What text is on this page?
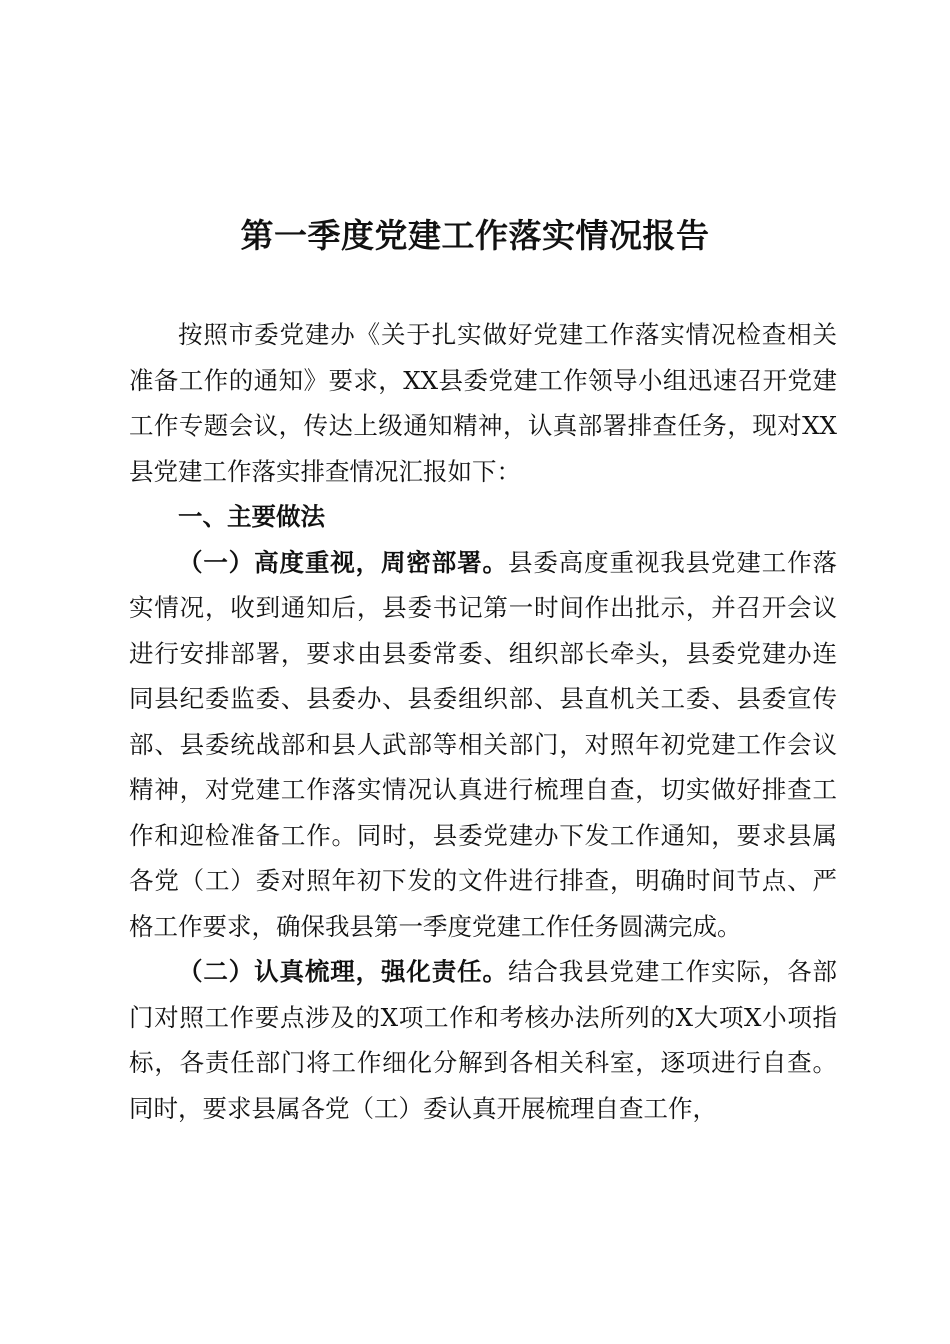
第一季度党建工作落实情况报告

按照市委党建办《关于扎实做好党建工作落实情况检查相关准备工作的通知》要求，XX县委党建工作领导小组迅速召开党建工作专题会议，传达上级通知精神，认真部署排查任务，现对XX县党建工作落实排查情况汇报如下：

一、主要做法

（一）高度重视，周密部署。县委高度重视我县党建工作落实情况，收到通知后，县委书记第一时间作出批示，并召开会议进行安排部署，要求由县委常委、组织部长牵头，县委党建办连同县纪委监委、县委办、县委组织部、县直机关工委、县委宣传部、县委统战部和县人武部等相关部门，对照年初党建工作会议精神，对党建工作落实情况认真进行梳理自查，切实做好排查工作和迎检准备工作。同时，县委党建办下发工作通知，要求县属各党（工）委对照年初下发的文件进行排查，明确时间节点、严格工作要求，确保我县第一季度党建工作任务圆满完成。

（二）认真梳理，强化责任。结合我县党建工作实际，各部门对照工作要点涉及的X项工作和考核办法所列的X大项X小项指标，各责任部门将工作细化分解到各相关科室，逐项进行自查。同时，要求县属各党（工）委认真开展梳理自查工作，
